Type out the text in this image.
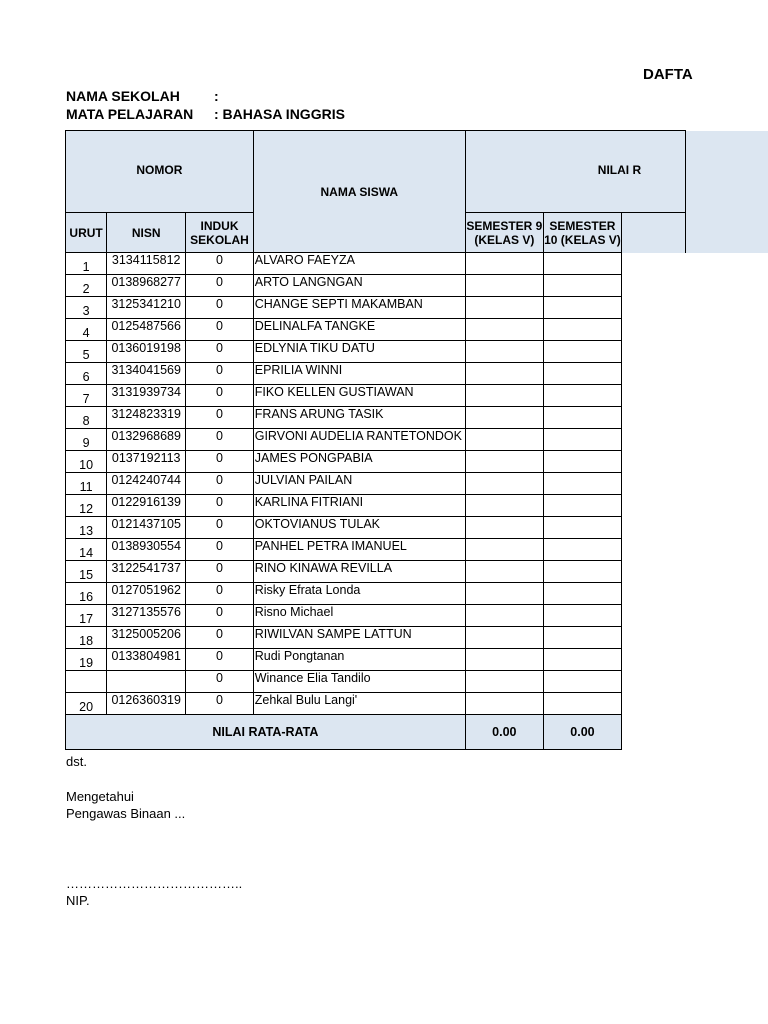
DAFTA
NAMA SEKOLAH :
MATA PELAJARAN : BAHASA INGGRIS
NOMOR			NAMA SISWA	NILAI R		
URUT	NISN	INDUK SEKOLAH		SEMESTER 9 (KELAS V)	SEMESTER 10 (KELAS V)	
1	3134115812	0	ALVARO FAEYZA			
2	0138968277	0	ARTO LANGNGAN			
3	3125341210	0	CHANGE SEPTI MAKAMBAN			
4	0125487566	0	DELINALFA TANGKE			
5	0136019198	0	EDLYNIA TIKU DATU			
6	3134041569	0	EPRILIA WINNI			
7	3131939734	0	FIKO KELLEN GUSTIAWAN			
8	3124823319	0	FRANS ARUNG TASIK			
9	0132968689	0	GIRVONI AUDELIA RANTETONDOK			
10	0137192113	0	JAMES PONGPABIA			
11	0124240744	0	JULVIAN PAILAN			
12	0122916139	0	KARLINA FITRIANI			
13	0121437105	0	OKTOVIANUS TULAK			
14	0138930554	0	PANHEL PETRA IMANUEL			
15	3122541737	0	RINO KINAWA REVILLA			
16	0127051962	0	Risky Efrata Londa			
17	3127135576	0	Risno Michael			
18	3125005206	0	RIWILVAN SAMPE LATTUN			
19	0133804981	0	Rudi Pongtanan			
		0	Winance Elia Tandilo			
20	0126360319	0	Zehkal Bulu Langi'			
NILAI RATA-RATA				0.00	0.00	
dst.
Mengetahui
Pengawas Binaan ...
…………………………………..
NIP.
